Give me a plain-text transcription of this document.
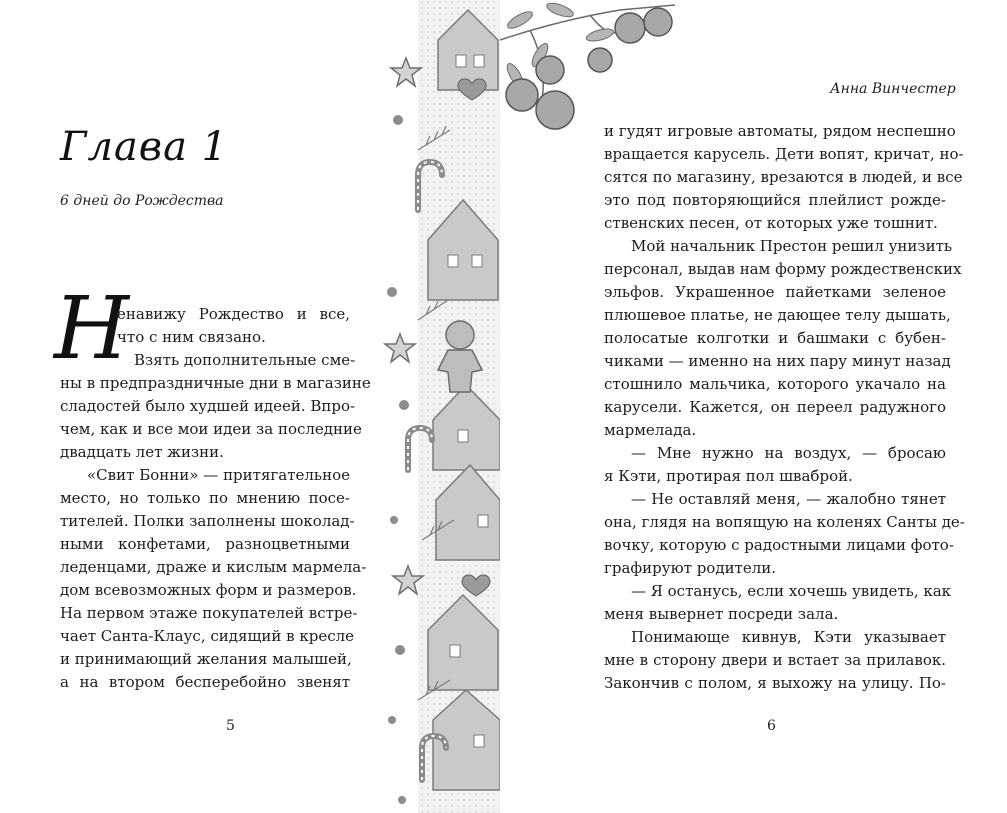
Глава 1
6 дней до Рождества
Н
енавижу Рождество и все,
что с ним связано.
Взять дополнительные сме-
ны в предпраздничные дни в магазине
сладостей было худшей идеей. Впро-
чем, как и все мои идеи за последние
двадцать лет жизни.
«Свит Бонни» — притягательное
место, но только по мнению посе-
тителей. Полки заполнены шоколад-
ными конфетами, разноцветными
леденцами, драже и кислым мармела-
дом всевозможных форм и размеров.
На первом этаже покупателей встре-
чает Санта-Клаус, сидящий в кресле
и принимающий желания малышей,
а на втором бесперебойно звенят
5
Анна Винчестер
и гудят игровые автоматы, рядом неспешно
вращается карусель. Дети вопят, кричат, но-
сятся по магазину, врезаются в людей, и все
это под повторяющийся плейлист рожде-
ственских песен, от которых уже тошнит.
Мой начальник Престон решил унизить
персонал, выдав нам форму рождественских
эльфов. Украшенное пайетками зеленое
плюшевое платье, не дающее телу дышать,
полосатые колготки и башмаки с бубен-
чиками — именно на них пару минут назад
стошнило мальчика, которого укачало на
карусели. Кажется, он переел радужного
мармелада.
— Мне нужно на воздух, — бросаю
я Кэти, протирая пол шваброй.
— Не оставляй меня, — жалобно тянет
она, глядя на вопящую на коленях Санты де-
вочку, которую с радостными лицами фото-
графируют родители.
— Я останусь, если хочешь увидеть, как
меня вывернет посреди зала.
Понимающе кивнув, Кэти указывает
мне в сторону двери и встает за прилавок.
Закончив с полом, я выхожу на улицу. По-
6
